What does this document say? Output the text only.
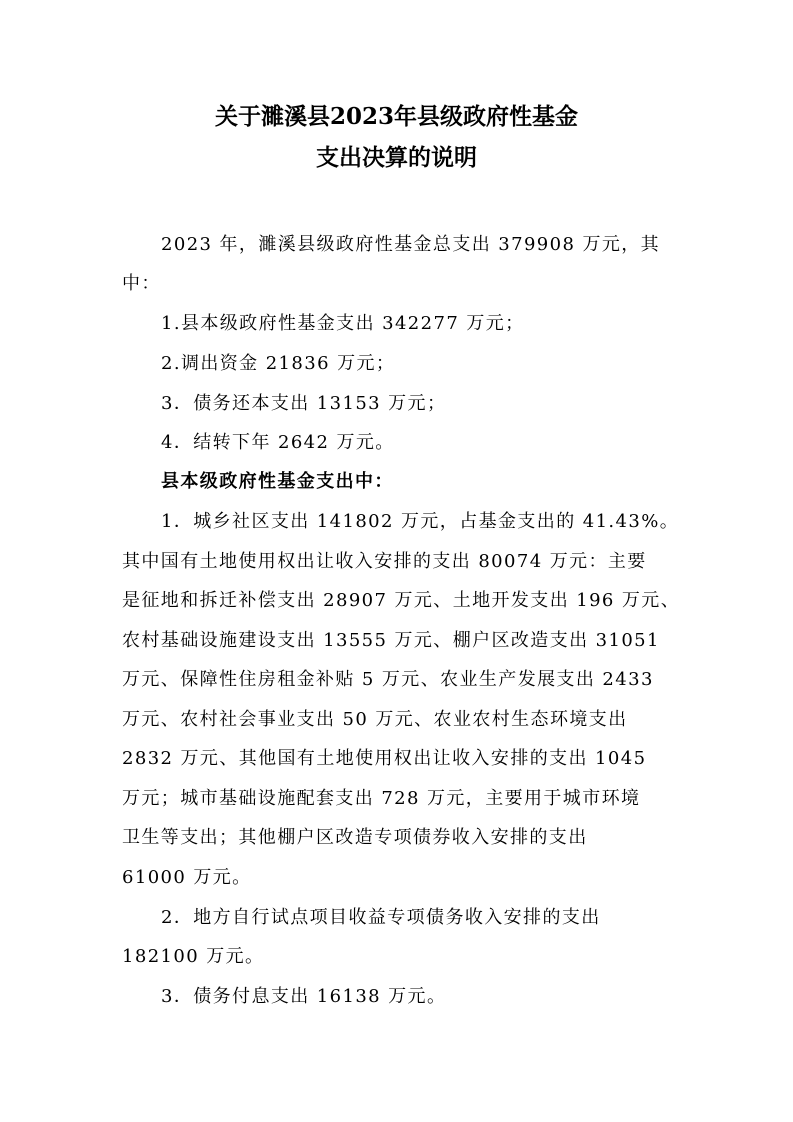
关于濉溪县2023年县级政府性基金
支出决算的说明
2023 年，濉溪县级政府性基金总支出 379908 万元，其
中：
1.县本级政府性基金支出 342277 万元；
2.调出资金 21836 万元；
3．债务还本支出 13153 万元；
4．结转下年 2642 万元。
县本级政府性基金支出中：
1．城乡社区支出 141802 万元，占基金支出的 41.43%。
其中国有土地使用权出让收入安排的支出 80074 万元：主要
是征地和拆迁补偿支出 28907 万元、土地开发支出 196 万元、
农村基础设施建设支出 13555 万元、棚户区改造支出 31051
万元、保障性住房租金补贴 5 万元、农业生产发展支出 2433
万元、农村社会事业支出 50 万元、农业农村生态环境支出
2832 万元、其他国有土地使用权出让收入安排的支出 1045
万元；城市基础设施配套支出 728 万元，主要用于城市环境
卫生等支出；其他棚户区改造专项债券收入安排的支出
61000 万元。
2．地方自行试点项目收益专项债务收入安排的支出
182100 万元。
3．债务付息支出 16138 万元。
